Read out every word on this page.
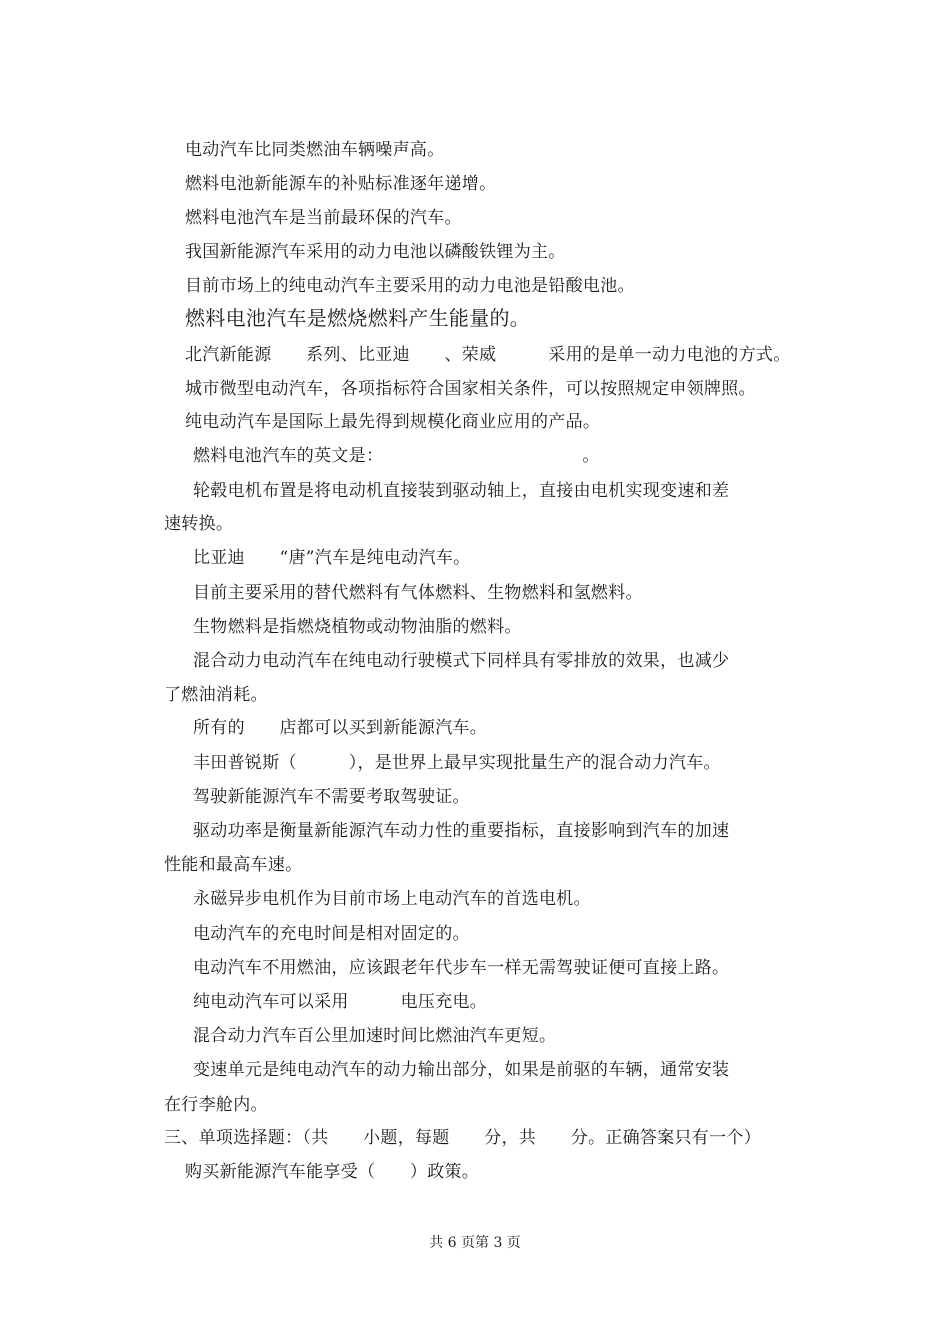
电动汽车比同类燃油车辆噪声高。
燃料电池新能源车的补贴标准逐年递增。
燃料电池汽车是当前最环保的汽车。
我国新能源汽车采用的动力电池以磷酸铁锂为主。
目前市场上的纯电动汽车主要采用的动力电池是铅酸电池。
燃料电池汽车是燃烧燃料产生能量的。
北汽新能源　　系列、比亚迪　　、荣威　　　采用的是单一动力电池的方式。
城市微型电动汽车，各项指标符合国家相关条件，可以按照规定申领牌照。
纯电动汽车是国际上最先得到规模化商业应用的产品。
燃料电池汽车的英文是：　　　　　　　　　　　　。
轮毂电机布置是将电动机直接装到驱动轴上，直接由电机实现变速和差
速转换。
比亚迪　　“唐”汽车是纯电动汽车。
目前主要采用的替代燃料有气体燃料、生物燃料和氢燃料。
生物燃料是指燃烧植物或动物油脂的燃料。
混合动力电动汽车在纯电动行驶模式下同样具有零排放的效果，也减少
了燃油消耗。
所有的　　店都可以买到新能源汽车。
丰田普锐斯（　　　），是世界上最早实现批量生产的混合动力汽车。
驾驶新能源汽车不需要考取驾驶证。
驱动功率是衡量新能源汽车动力性的重要指标，直接影响到汽车的加速
性能和最高车速。
永磁异步电机作为目前市场上电动汽车的首选电机。
电动汽车的充电时间是相对固定的。
电动汽车不用燃油，应该跟老年代步车一样无需驾驶证便可直接上路。
纯电动汽车可以采用　　　电压充电。
混合动力汽车百公里加速时间比燃油汽车更短。
变速单元是纯电动汽车的动力输出部分，如果是前驱的车辆，通常安装
在行李舱内。
三、单项选择题：（共　　小题，每题　　分，共　　分。正确答案只有一个）
购买新能源汽车能享受（　　）政策。
共 6 页第 3 页
